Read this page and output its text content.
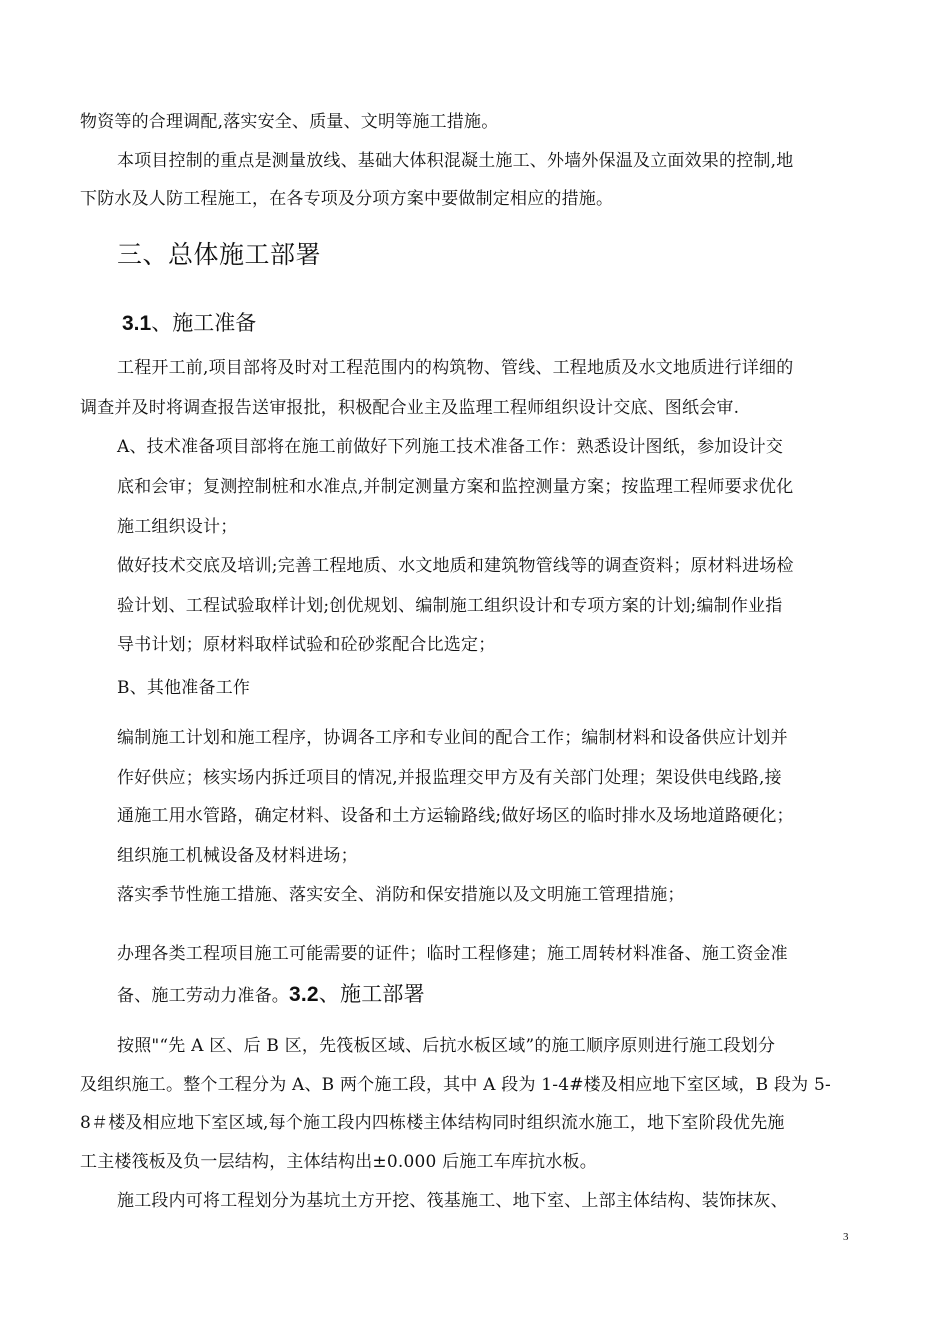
物资等的合理调配,落实安全、质量、文明等施工措施。
本项目控制的重点是测量放线、基础大体积混凝土施工、外墙外保温及立面效果的控制,地
下防水及人防工程施工，在各专项及分项方案中要做制定相应的措施。
三、总体施工部署
3.1、施工准备
工程开工前,项目部将及时对工程范围内的构筑物、管线、工程地质及水文地质进行详细的
调查并及时将调查报告送审报批，积极配合业主及监理工程师组织设计交底、图纸会审.
A、技术准备项目部将在施工前做好下列施工技术准备工作：熟悉设计图纸，参加设计交
底和会审；复测控制桩和水准点,并制定测量方案和监控测量方案；按监理工程师要求优化
施工组织设计；
做好技术交底及培训;完善工程地质、水文地质和建筑物管线等的调查资料；原材料进场检
验计划、工程试验取样计划;创优规划、编制施工组织设计和专项方案的计划;编制作业指
导书计划；原材料取样试验和砼砂浆配合比选定；
B、其他准备工作
编制施工计划和施工程序，协调各工序和专业间的配合工作；编制材料和设备供应计划并
作好供应；核实场内拆迁项目的情况,并报监理交甲方及有关部门处理；架设供电线路,接
通施工用水管路，确定材料、设备和土方运输路线;做好场区的临时排水及场地道路硬化；
组织施工机械设备及材料进场；
落实季节性施工措施、落实安全、消防和保安措施以及文明施工管理措施；
办理各类工程项目施工可能需要的证件；临时工程修建；施工周转材料准备、施工资金准
备、施工劳动力准备。3.2、施工部署
按照"“先 A 区、后 B 区，先筏板区域、后抗水板区域”的施工顺序原则进行施工段划分
及组织施工。整个工程分为 A、B 两个施工段，其中 A 段为 1-4#楼及相应地下室区域，B 段为 5-
8＃楼及相应地下室区域,每个施工段内四栋楼主体结构同时组织流水施工，地下室阶段优先施
工主楼筏板及负一层结构，主体结构出±0.000 后施工车库抗水板。
施工段内可将工程划分为基坑土方开挖、筏基施工、地下室、上部主体结构、装饰抹灰、
3
